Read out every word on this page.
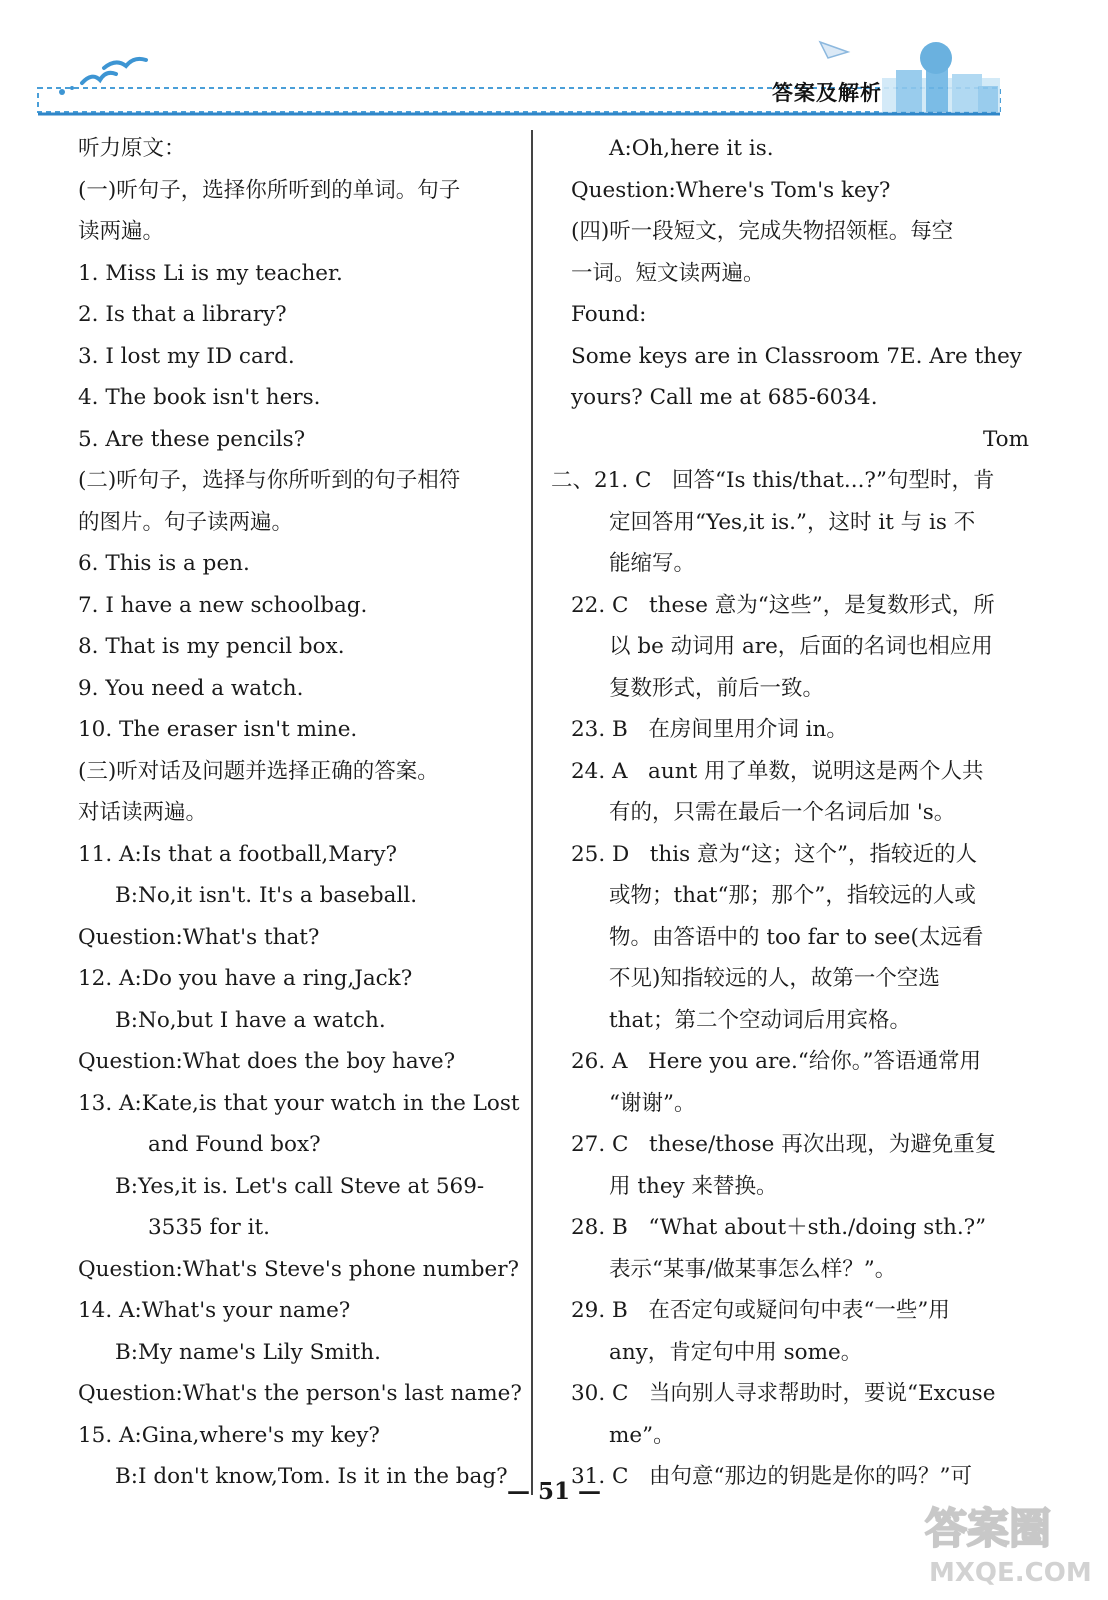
答案及解析
听力原文：
(一)听句子，选择你所听到的单词。句子
读两遍。
1. Miss Li is my teacher.
2. Is that a library?
3. I lost my ID card.
4. The book isn't hers.
5. Are these pencils?
(二)听句子，选择与你所听到的句子相符
的图片。句子读两遍。
6. This is a pen.
7. I have a new schoolbag.
8. That is my pencil box.
9. You need a watch.
10. The eraser isn't mine.
(三)听对话及问题并选择正确的答案。
对话读两遍。
11. A:Is that a football,Mary?
B:No,it isn't. It's a baseball.
Question:What's that?
12. A:Do you have a ring,Jack?
B:No,but I have a watch.
Question:What does the boy have?
13. A:Kate,is that your watch in the Lost
and Found box?
B:Yes,it is. Let's call Steve at 569-
3535 for it.
Question:What's Steve's phone number?
14. A:What's your name?
B:My name's Lily Smith.
Question:What's the person's last name?
15. A:Gina,where's my key?
B:I don't know,Tom. Is it in the bag?
A:Oh,here it is.
Question:Where's Tom's key?
(四)听一段短文，完成失物招领框。每空
一词。短文读两遍。
Found:
Some keys are in Classroom 7E. Are they
yours? Call me at 685-6034.
Tom
二、21. C   回答“Is this/that...?”句型时，肯
定回答用“Yes,it is.”，这时 it 与 is 不
能缩写。
22. C   these 意为“这些”，是复数形式，所
以 be 动词用 are，后面的名词也相应用
复数形式，前后一致。
23. B   在房间里用介词 in。
24. A   aunt 用了单数，说明这是两个人共
有的，只需在最后一个名词后加 's。
25. D   this 意为“这；这个”，指较近的人
或物；that“那；那个”，指较远的人或
物。由答语中的 too far to see(太远看
不见)知指较远的人，故第一个空选
that；第二个空动词后用宾格。
26. A   Here you are.“给你。”答语通常用
“谢谢”。
27. C   these/those 再次出现，为避免重复
用 they 来替换。
28. B   “What about＋sth./doing sth.?”
表示“某事/做某事怎么样？”。
29. B   在否定句或疑问句中表“一些”用
any，肯定句中用 some。
30. C   当向别人寻求帮助时，要说“Excuse
me”。
31. C   由句意“那边的钥匙是你的吗？”可
— 51 —
答案圈
MXQE.COM
